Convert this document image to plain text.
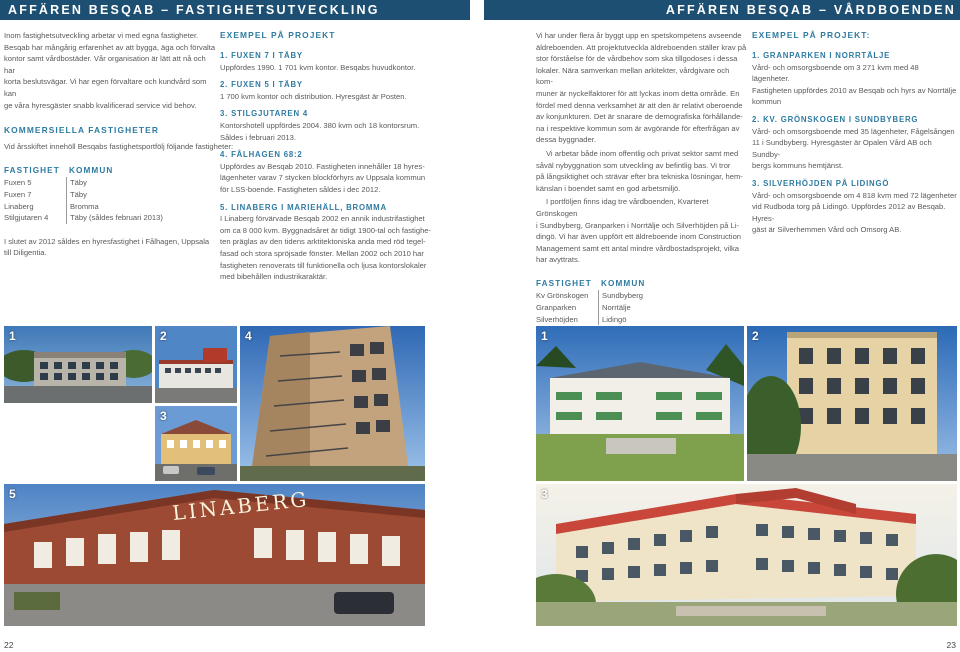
AFFÄREN BESQAB – FASTIGHETSUTVECKLING	AFFÄREN BESQAB – VÅRDBOENDEN

Inom fastighetsutveckling arbetar vi med egna fastigheter.

Besqab har mångårig erfarenhet av att bygga, äga och förvalta

kontor samt vårdbostäder. Vår organisation är lätt att nå och har

korta beslutsvägar. Vi har egen förvaltare och kundvård som kan

ge våra hyresgäster snabb kvalificerad service vid behov.

KOMMERSIELLA FASTIGHETER
Vid årsskiftet innehöll Besqabs fastighetsportfölj följande fastigheter:
FASTIGHET	KOMMUN
Fuxen 5	Täby
Fuxen 7	Täby
Linaberg	Bromma
Stilgjutaren 4	Täby (såldes februari 2013)

I slutet av 2012 såldes en hyresfastighet i Fålhagen, Uppsala

till Diligentia.

EXEMPEL PÅ PROJEKT
1. FUXEN 7 I TÄBY
Uppfördes 1990. 1 701 kvm kontor. Besqabs huvudkontor.
2. FUXEN 5 I TÄBY
1 700 kvm kontor och distribution. Hyresgäst är Posten.
3. STILGJUTAREN 4

Kontorshotell uppfördes 2004. 380 kvm och 18 kontorsrum.

Såldes i februari 2013.

4. FÅLHAGEN 68:2

Uppfördes av Besqab 2010. Fastigheten innehåller 18 hyres-

lägenheter varav 7 stycken blockförhyrs av Uppsala kommun

för LSS-boende. Fastigheten såldes i dec 2012.

5. LINABERG I MARIEHÄLL, BROMMA

I Linaberg förvärvade Besqab 2002 en annik industrifastighet

om ca 8 000 kvm. Byggnadsåret är tidigt 1900-tal och fastighe-

ten präglas av den tidens arktitektoniska anda med röd tegel-

fasad och stora spröjsade fönster. Mellan 2002 och 2010 har

fastigheten renoverats till funktionella och ljusa kontorslokaler

med bibehållen industrikaraktär.

Vi har under flera år byggt upp en spetskompetens avseende

äldreboenden. Att projektutveckla äldreboenden ställer krav på

stor förståelse för de vårdbehov som ska tillgodoses i dessa

lokaler. Nära samverkan mellan arkitekter, vårdgivare och kom-

muner är nyckelfaktorer för att lyckas inom detta område. En

fördel med denna verksamhet är att den är relativt oberoende

av konjunkturen. Det är snarare de demografiska förhållande-

na i respektive kommun som är avgörande för efterfrågan av

dessa byggnader.

Vi arbetar både inom offentlig och privat sektor samt med

såväl nybyggnation som utveckling av befintlig bas. Vi tror

på långsiktighet och strävar efter bra tekniska lösningar, hem-

känslan i boendet samt en god arbetsmiljö.

I portföljen finns idag tre vårdboenden, Kvarteret Grönskogen

i Sundbyberg, Granparken i Norrtälje och Silverhöjden på Li-

dingö. Vi har även uppfört ett äldreboende inom Construction

Management samt ett antal mindre vårdbostadsprojekt, vilka

har avyttrats.

FASTIGHET	KOMMUN
Kv Grönskogen	Sundbyberg
Granparken	Norrtälje
Silverhöjden	Lidingö
EXEMPEL PÅ PROJEKT:
1. GRANPARKEN I NORRTÄLJE

Vård- och omsorgsboende om 3 271 kvm med 48 lägenheter.

Fastigheten uppfördes 2010 av Besqab och hyrs av Norrtälje

kommun

2. KV. GRÖNSKOGEN I SUNDBYBERG

Vård- och omsorgsboende med 35 lägenheter, Fågelsången

11 i Sundbyberg. Hyresgäster är Opalen Vård AB och Sundby-

bergs kommuns hemtjänst.

3. SILVERHÖJDEN PÅ LIDINGÖ

Vård- och omsorgsboende om 4 818 kvm med 72 lägenheter

vid Rudboda torg på Lidingö. Uppfördes 2012 av Besqab. Hyres-

gäst är Silverhemmen Vård och Omsorg AB.

1	2
3
4
LINABERG
5
1	2
3
22	23
